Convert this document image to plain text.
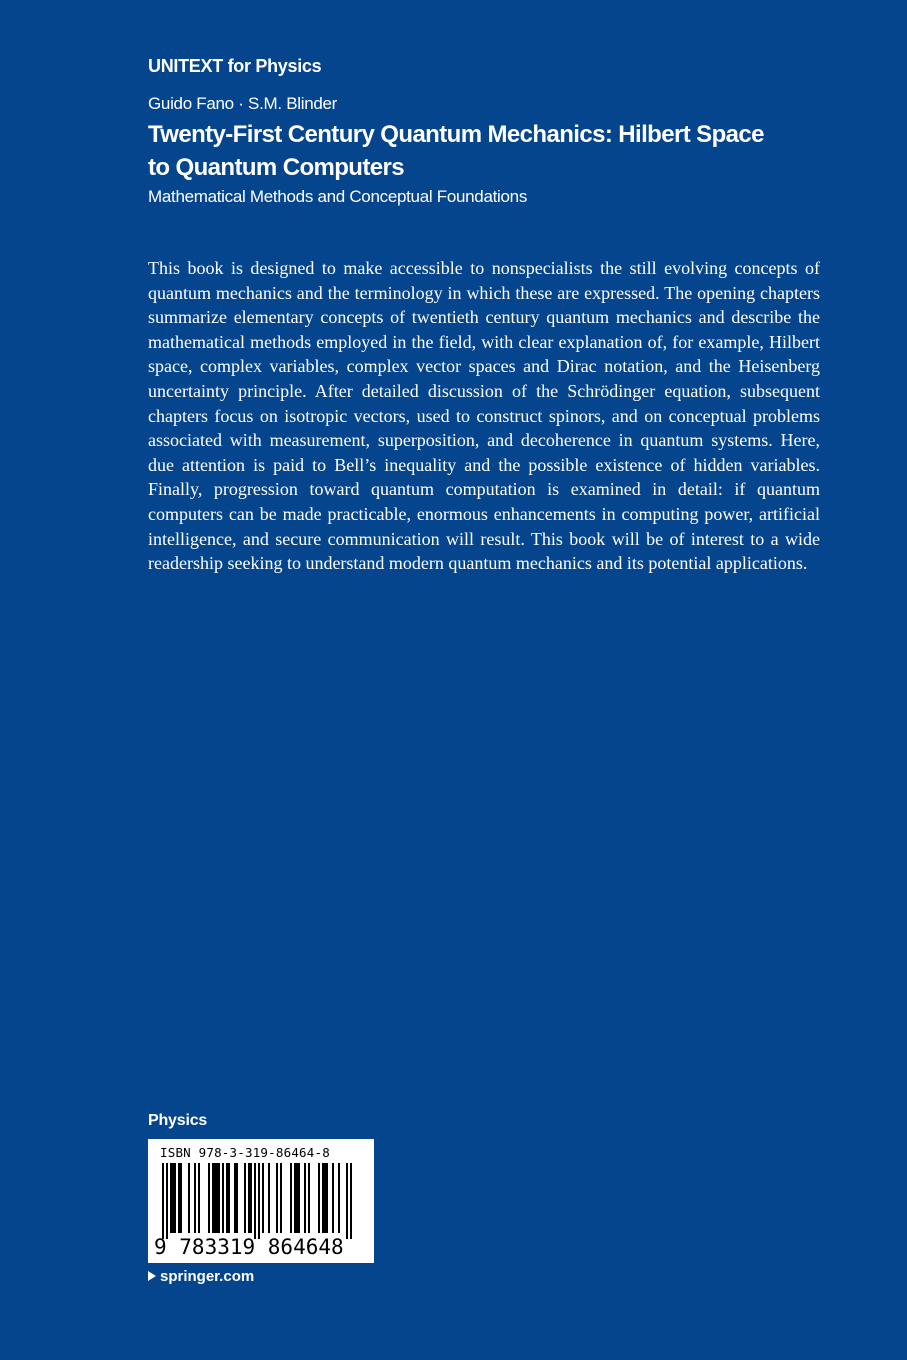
UNITEXT for Physics
Guido Fano · S.M. Blinder
Twenty-First Century Quantum Mechanics: Hilbert Space to Quantum Computers
Mathematical Methods and Conceptual Foundations

This book is designed to make accessible to nonspecialists the still evolving concepts of quantum mechanics and the terminology in which these are expressed. The opening chapters summarize elementary concepts of twentieth century quantum mechanics and describe the mathematical methods employed in the field, with clear explanation of, for example, Hilbert space, complex variables, complex vector spaces and Dirac notation, and the Heisenberg uncertainty principle. After detailed discussion of the Schrödinger equation, subsequent chapters focus on isotropic vectors, used to construct spinors, and on conceptual problems associated with measurement, superposition, and decoherence in quantum systems. Here, due attention is paid to Bell’s inequality and the possible existence of hidden variables. Finally, progression toward quantum computation is examined in detail: if quantum computers can be made practicable, enormous enhancements in computing power, artificial intelligence, and secure communication will result. This book will be of interest to a wide readership seeking to understand modern quantum mechanics and its potential applications.

Physics
ISBN 978-3-319-86464-8
9 783319 864648
springer.com
